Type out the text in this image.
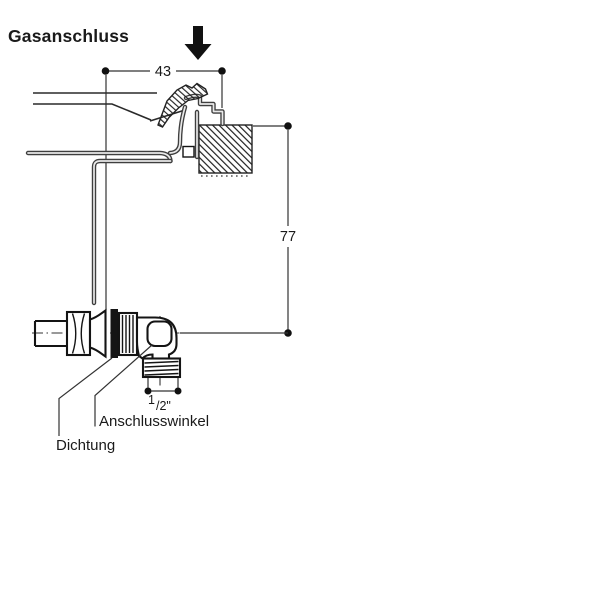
Gasanschluss
43
77
1 /2"
Anschlusswinkel
Dichtung
